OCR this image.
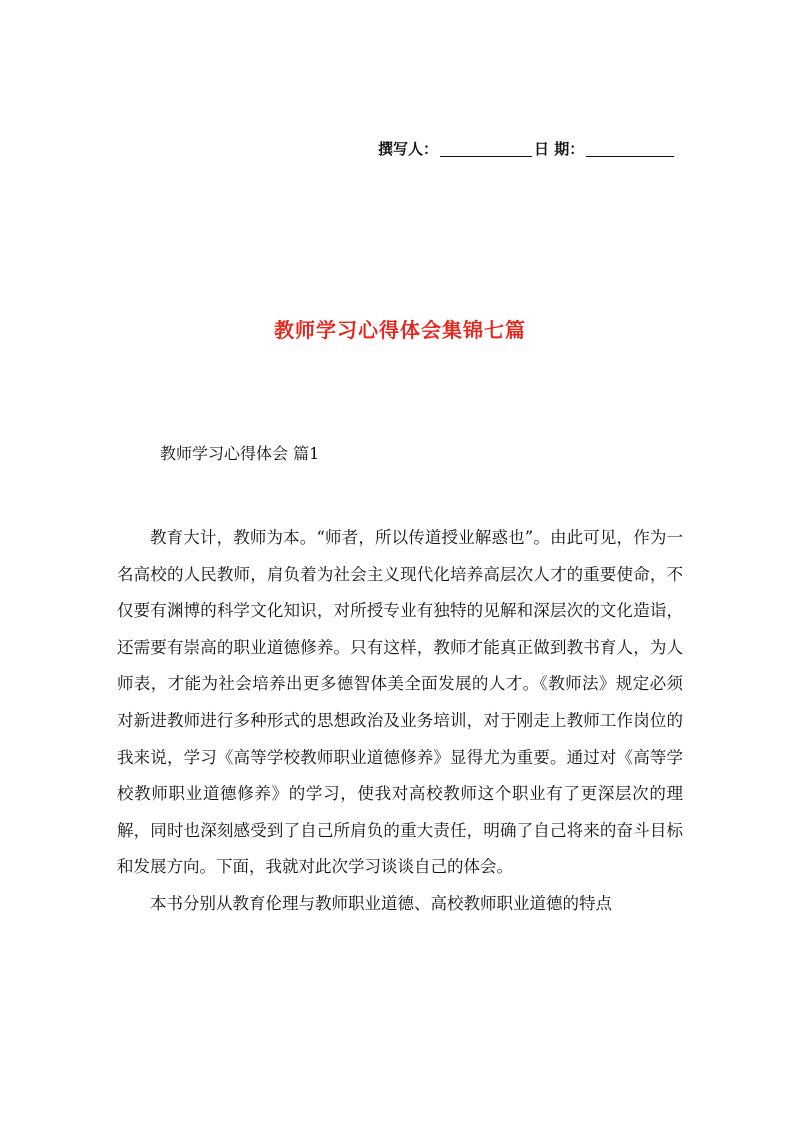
撰写人：	日 期：
教师学习心得体会集锦七篇
教师学习心得体会 篇1

教育大计，教师为本。“师者，所以传道授业解惑也”。由此可见，作为一名高校的人民教师，肩负着为社会主义现代化培养高层次人才的重要使命，不仅要有渊博的科学文化知识，对所授专业有独特的见解和深层次的文化造诣，还需要有崇高的职业道德修养。只有这样，教师才能真正做到教书育人，为人师表，才能为社会培养出更多德智体美全面发展的人才。《教师法》规定必须对新进教师进行多种形式的思想政治及业务培训，对于刚走上教师工作岗位的我来说，学习《高等学校教师职业道德修养》显得尤为重要。通过对《高等学校教师职业道德修养》的学习，使我对高校教师这个职业有了更深层次的理解，同时也深刻感受到了自己所肩负的重大责任，明确了自己将来的奋斗目标和发展方向。下面，我就对此次学习谈谈自己的体会。

本书分别从教育伦理与教师职业道德、高校教师职业道德的特点
